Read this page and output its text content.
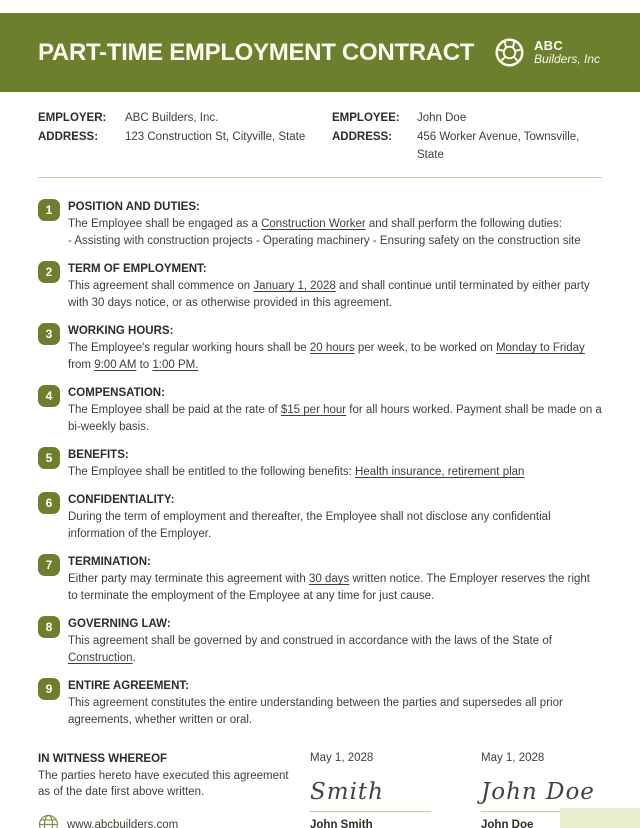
PART-TIME EMPLOYMENT CONTRACT	ABC
Builders, Inc
EMPLOYER:	ABC Builders, Inc.	EMPLOYEE:	John Doe
ADDRESS:	123 Construction St, Cityville, State	ADDRESS:	456 Worker Avenue, Townsville, State
1	POSITION AND DUTIES:
The Employee shall be engaged as a Construction Worker and shall perform the following duties:
- Assisting with construction projects - Operating machinery - Ensuring safety on the construction site
2	TERM OF EMPLOYMENT:
This agreement shall commence on January 1, 2028 and shall continue until terminated by either party with 30 days notice, or as otherwise provided in this agreement.
3	WORKING HOURS:
The Employee's regular working hours shall be 20 hours per week, to be worked on Monday to Friday
from 9:00 AM to 1:00 PM.
4	COMPENSATION:
The Employee shall be paid at the rate of $15 per hour for all hours worked. Payment shall be made on a bi-weekly basis.
5	BENEFITS:
The Employee shall be entitled to the following benefits: Health insurance, retirement plan
6	CONFIDENTIALITY:
During the term of employment and thereafter, the Employee shall not disclose any confidential information of the Employer.
7	TERMINATION:
Either party may terminate this agreement with 30 days written notice. The Employer reserves the right to terminate the employment of the Employee at any time for just cause.
8	GOVERNING LAW:
This agreement shall be governed by and construed in accordance with the laws of the State of Construction.
9	ENTIRE AGREEMENT:
This agreement constitutes the entire understanding between the parties and supersedes all prior agreements, whether written or oral.
IN WITNESS WHEREOF
The parties hereto have executed this agreement as of the date first above written.
www.abcbuilders.com
May 1, 2028
Smith
John Smith
May 1, 2028
John Doe
John Doe
